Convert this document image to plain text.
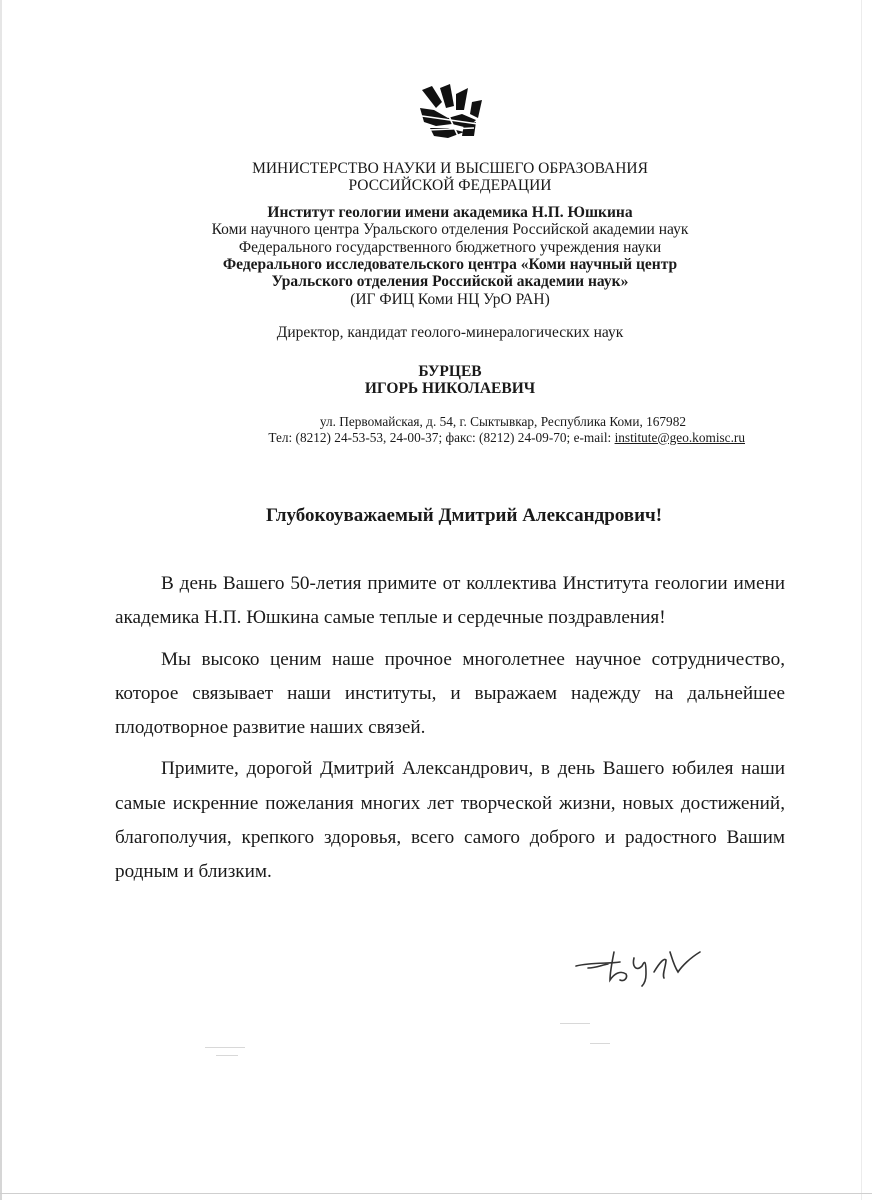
МИНИСТЕРСТВО НАУКИ И ВЫСШЕГО ОБРАЗОВАНИЯ
РОССИЙСКОЙ ФЕДЕРАЦИИ
Институт геологии имени академика Н.П. Юшкина
Коми научного центра Уральского отделения Российской академии наук
Федерального государственного бюджетного учреждения науки
Федерального исследовательского центра «Коми научный центр
Уральского отделения Российской академии наук»
(ИГ ФИЦ Коми НЦ УрО РАН)
Директор, кандидат геолого-минералогических наук
БУРЦЕВ
ИГОРЬ НИКОЛАЕВИЧ
ул. Первомайская, д. 54, г. Сыктывкар, Республика Коми, 167982
Тел: (8212) 24-53-53, 24-00-37; факс: (8212) 24-09-70; e-mail: institute@geo.komisc.ru
Глубокоуважаемый Дмитрий Александрович!

В день Вашего 50-летия примите от коллектива Института геологии имени академика Н.П. Юшкина самые теплые и сердечные поздравления!

Мы высоко ценим наше прочное многолетнее научное сотрудничество, которое связывает наши институты, и выражаем надежду на дальнейшее плодотворное развитие наших связей.

Примите, дорогой Дмитрий Александрович, в день Вашего юбилея наши самые искренние пожелания многих лет творческой жизни, новых достижений, благополучия, крепкого здоровья, всего самого доброго и радостного Вашим родным и близким.
